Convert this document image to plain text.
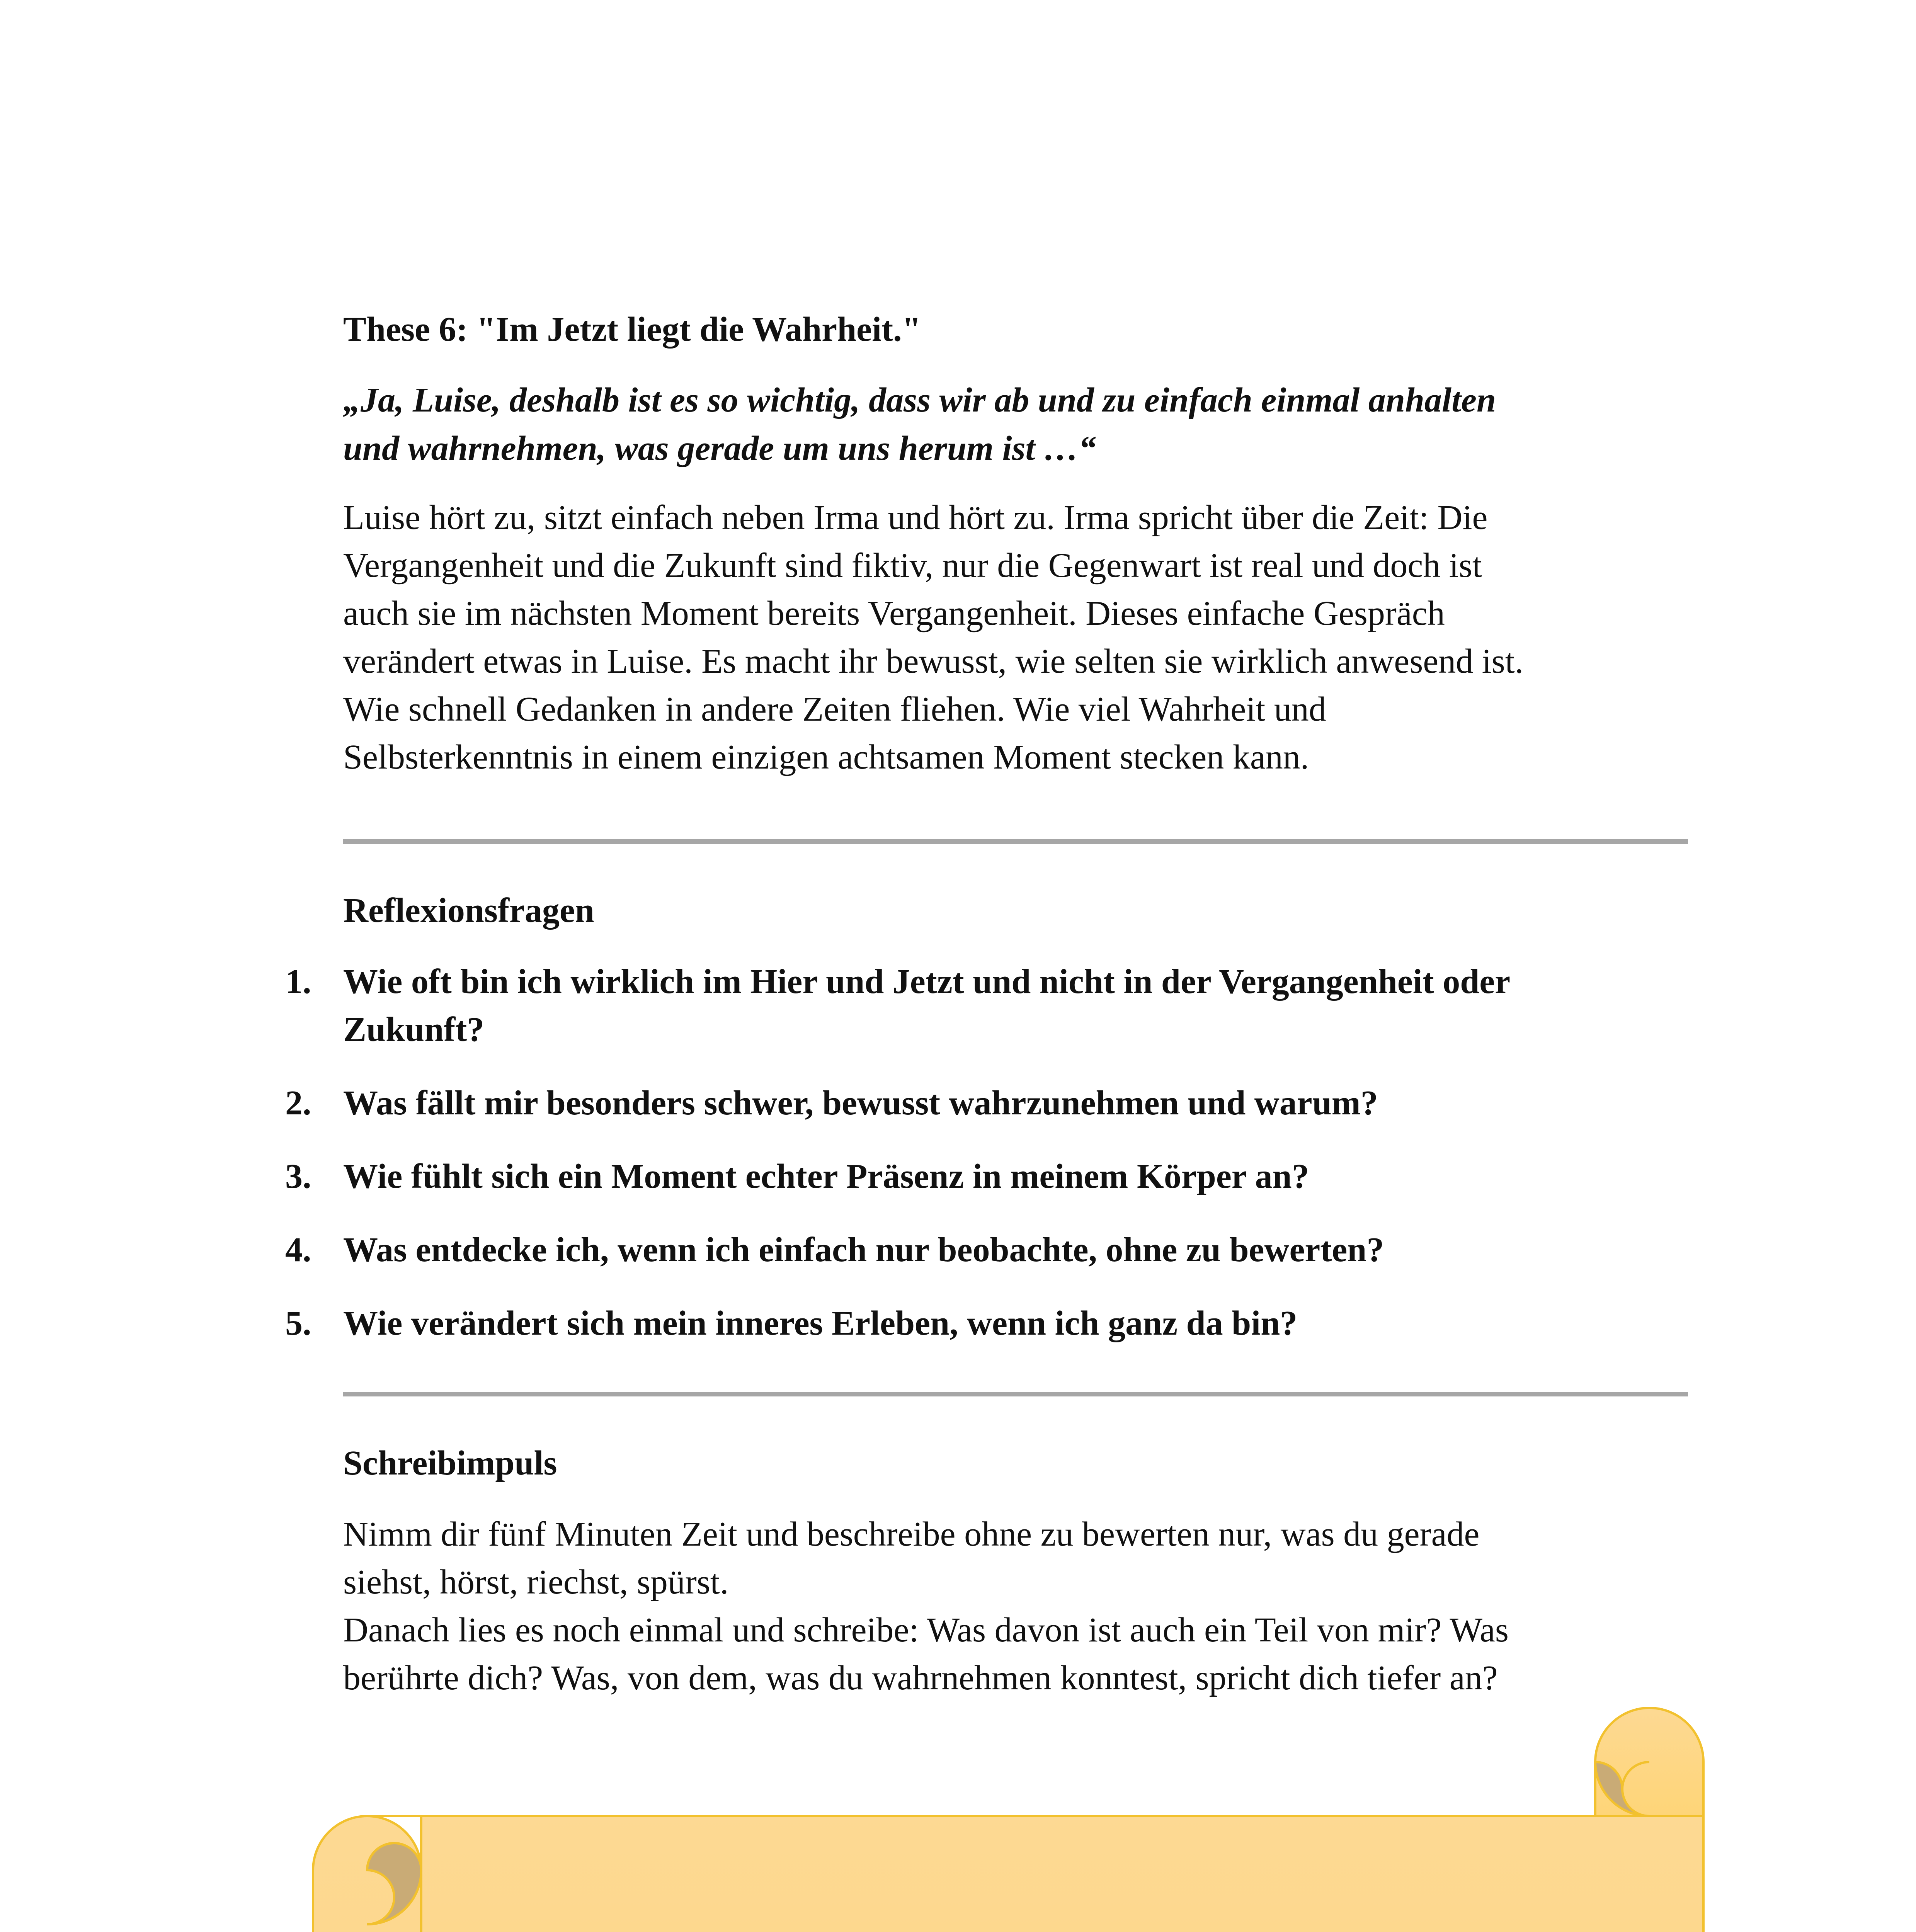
These 6: "Im Jetzt liegt die Wahrheit."

„Ja, Luise, deshalb ist es so wichtig, dass wir ab und zu einfach einmal anhalten
und wahrnehmen, was gerade um uns herum ist …“

Luise hört zu, sitzt einfach neben Irma und hört zu. Irma spricht über die Zeit: Die
Vergangenheit und die Zukunft sind fiktiv, nur die Gegenwart ist real und doch ist
auch sie im nächsten Moment bereits Vergangenheit. Dieses einfache Gespräch
verändert etwas in Luise. Es macht ihr bewusst, wie selten sie wirklich anwesend ist.
Wie schnell Gedanken in andere Zeiten fliehen. Wie viel Wahrheit und
Selbsterkenntnis in einem einzigen achtsamen Moment stecken kann.

Reflexionsfragen
1. Wie oft bin ich wirklich im Hier und Jetzt und nicht in der Vergangenheit oder
Zukunft?
2. Was fällt mir besonders schwer, bewusst wahrzunehmen und warum?
3. Wie fühlt sich ein Moment echter Präsenz in meinem Körper an?
4. Was entdecke ich, wenn ich einfach nur beobachte, ohne zu bewerten?
5. Wie verändert sich mein inneres Erleben, wenn ich ganz da bin?
Schreibimpuls

Nimm dir fünf Minuten Zeit und beschreibe ohne zu bewerten nur, was du gerade
siehst, hörst, riechst, spürst.
Danach lies es noch einmal und schreibe: Was davon ist auch ein Teil von mir? Was
berührte dich? Was, von dem, was du wahrnehmen konntest, spricht dich tiefer an?
